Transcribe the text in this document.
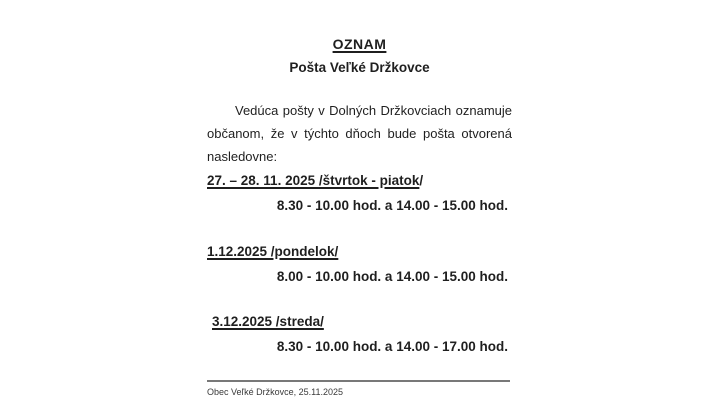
OZNAM
Pošta Veľké Držkovce
Vedúca pošty v Dolných Držkovciach oznamuje
občanom, že v týchto dňoch bude pošta otvorená
nasledovne:
27. – 28. 11. 2025 /štvrtok - piatok/
8.30 - 10.00 hod. a 14.00 - 15.00 hod.
1.12.2025 /pondelok/
8.00 - 10.00 hod. a 14.00 - 15.00 hod.
3.12.2025 /streda/
8.30 - 10.00 hod. a 14.00 - 17.00 hod.
Obec Veľké Držkovce, 25.11.2025
